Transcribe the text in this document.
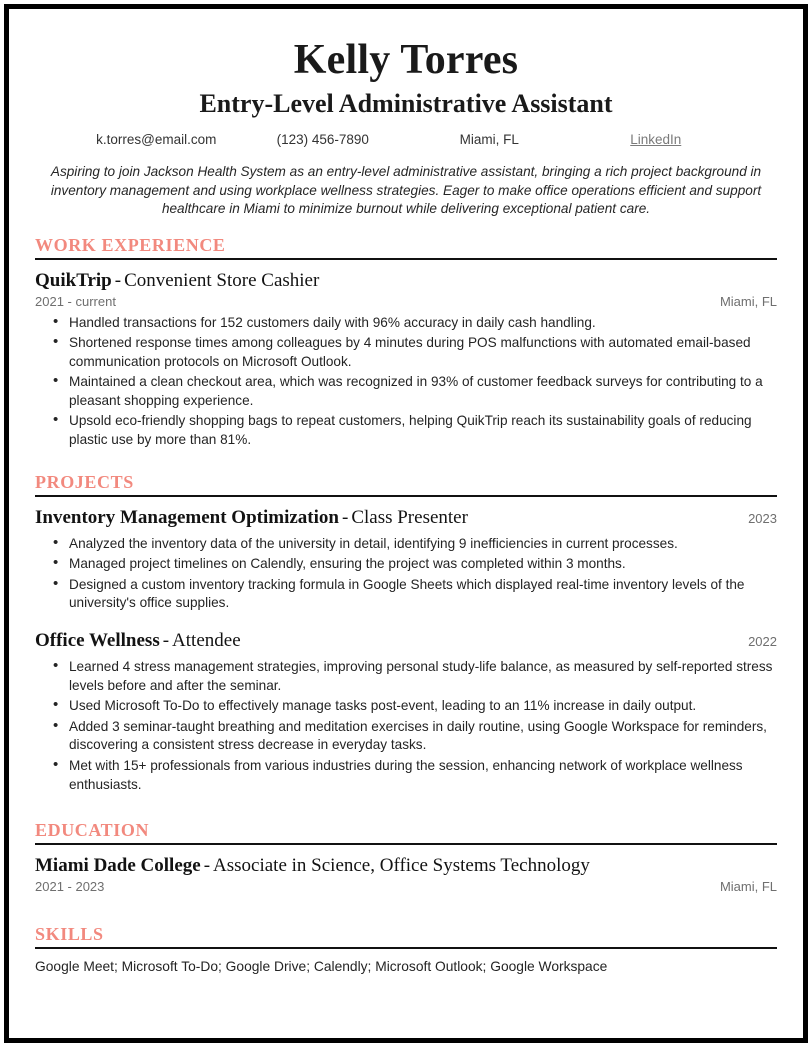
Kelly Torres
Entry-Level Administrative Assistant
k.torres@email.com	(123) 456-7890	Miami, FL	LinkedIn
Aspiring to join Jackson Health System as an entry-level administrative assistant, bringing a rich project background in inventory management and using workplace wellness strategies. Eager to make office operations efficient and support healthcare in Miami to minimize burnout while delivering exceptional patient care.
WORK EXPERIENCE
QuikTrip - Convenient Store Cashier
2021 - current	Miami, FL
• Handled transactions for 152 customers daily with 96% accuracy in daily cash handling.
• Shortened response times among colleagues by 4 minutes during POS malfunctions with automated email-based communication protocols on Microsoft Outlook.
• Maintained a clean checkout area, which was recognized in 93% of customer feedback surveys for contributing to a pleasant shopping experience.
• Upsold eco-friendly shopping bags to repeat customers, helping QuikTrip reach its sustainability goals of reducing plastic use by more than 81%.
PROJECTS
Inventory Management Optimization - Class Presenter	2023
• Analyzed the inventory data of the university in detail, identifying 9 inefficiencies in current processes.
• Managed project timelines on Calendly, ensuring the project was completed within 3 months.
• Designed a custom inventory tracking formula in Google Sheets which displayed real-time inventory levels of the university's office supplies.
Office Wellness - Attendee	2022
• Learned 4 stress management strategies, improving personal study-life balance, as measured by self-reported stress levels before and after the seminar.
• Used Microsoft To-Do to effectively manage tasks post-event, leading to an 11% increase in daily output.
• Added 3 seminar-taught breathing and meditation exercises in daily routine, using Google Workspace for reminders, discovering a consistent stress decrease in everyday tasks.
• Met with 15+ professionals from various industries during the session, enhancing network of workplace wellness enthusiasts.
EDUCATION
Miami Dade College - Associate in Science, Office Systems Technology
2021 - 2023	Miami, FL
SKILLS
Google Meet; Microsoft To-Do; Google Drive; Calendly; Microsoft Outlook; Google Workspace
